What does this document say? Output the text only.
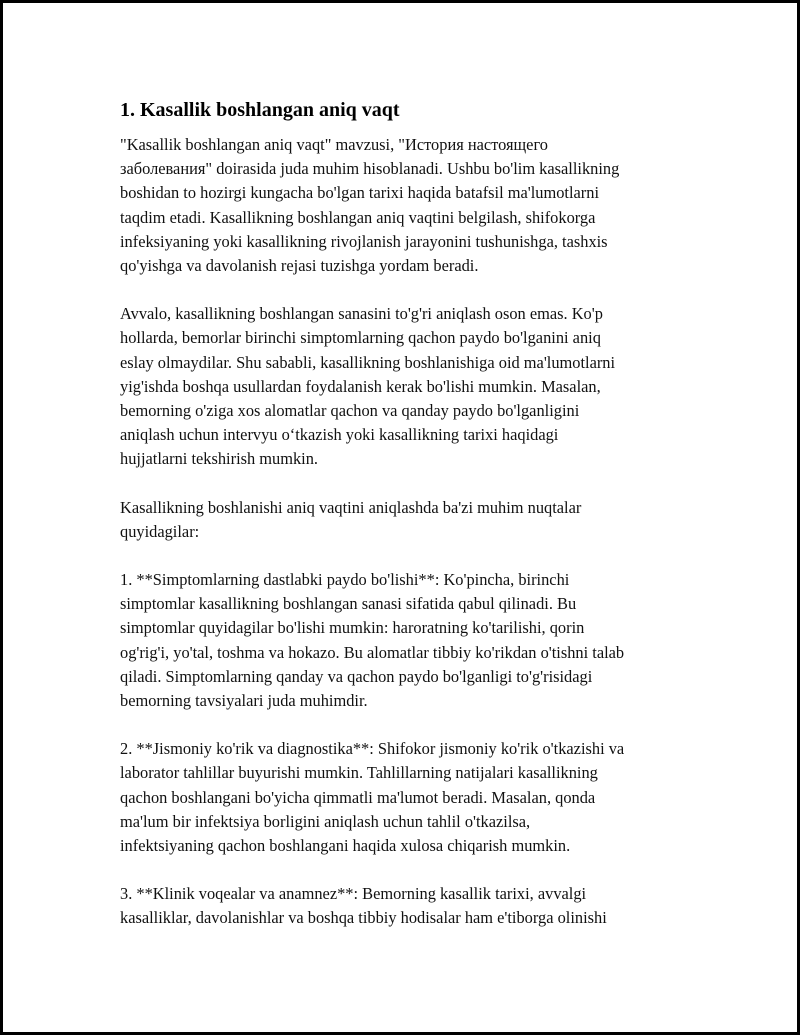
1. Kasallik boshlangan aniq vaqt

"Kasallik boshlangan aniq vaqt" mavzusi, "История настоящего
заболевания" doirasida juda muhim hisoblanadi. Ushbu bo'lim kasallikning
boshidan to hozirgi kungacha bo'lgan tarixi haqida batafsil ma'lumotlarni
taqdim etadi. Kasallikning boshlangan aniq vaqtini belgilash, shifokorga
infeksiyaning yoki kasallikning rivojlanish jarayonini tushunishga, tashxis
qo'yishga va davolanish rejasi tuzishga yordam beradi.

Avvalo, kasallikning boshlangan sanasini to'g'ri aniqlash oson emas. Ko'p
hollarda, bemorlar birinchi simptomlarning qachon paydo bo'lganini aniq
eslay olmaydilar. Shu sababli, kasallikning boshlanishiga oid ma'lumotlarni
yig'ishda boshqa usullardan foydalanish kerak bo'lishi mumkin. Masalan,
bemorning o'ziga xos alomatlar qachon va qanday paydo bo'lganligini
aniqlash uchun intervyu oʻtkazish yoki kasallikning tarixi haqidagi
hujjatlarni tekshirish mumkin.

Kasallikning boshlanishi aniq vaqtini aniqlashda ba'zi muhim nuqtalar
quyidagilar:

1. **Simptomlarning dastlabki paydo bo'lishi**: Ko'pincha, birinchi
simptomlar kasallikning boshlangan sanasi sifatida qabul qilinadi. Bu
simptomlar quyidagilar bo'lishi mumkin: haroratning ko'tarilishi, qorin
og'rig'i, yo'tal, toshma va hokazo. Bu alomatlar tibbiy ko'rikdan o'tishni talab
qiladi. Simptomlarning qanday va qachon paydo bo'lganligi to'g'risidagi
bemorning tavsiyalari juda muhimdir.

2. **Jismoniy ko'rik va diagnostika**: Shifokor jismoniy ko'rik o'tkazishi va
laborator tahlillar buyurishi mumkin. Tahlillarning natijalari kasallikning
qachon boshlangani bo'yicha qimmatli ma'lumot beradi. Masalan, qonda
ma'lum bir infektsiya borligini aniqlash uchun tahlil o'tkazilsa,
infektsiyaning qachon boshlangani haqida xulosa chiqarish mumkin.

3. **Klinik voqealar va anamnez**: Bemorning kasallik tarixi, avvalgi
kasalliklar, davolanishlar va boshqa tibbiy hodisalar ham e'tiborga olinishi
